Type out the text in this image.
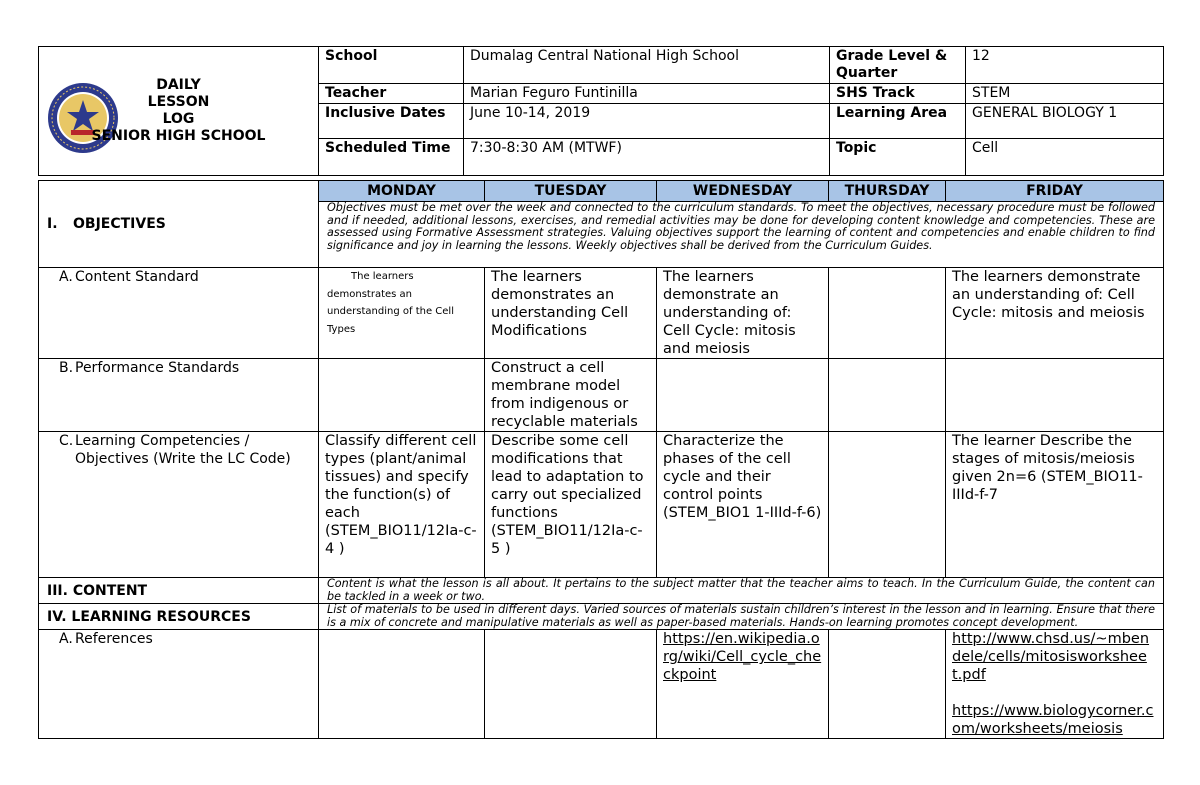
DAILY
LESSON
LOG
SENIOR HIGH SCHOOL	School	Dumalag Central National High School	Grade Level & Quarter	12
	Teacher	Marian Feguro Funtinilla	SHS Track	STEM
	Inclusive Dates	June 10-14, 2019	Learning Area	GENERAL BIOLOGY 1
	Scheduled Time	7:30-8:30 AM (MTWF)	Topic	Cell
I. OBJECTIVES	MONDAY	TUESDAY	WEDNESDAY	THURSDAY	FRIDAY
	Objectives must be met over the week and connected to the curriculum standards. To meet the objectives, necessary procedure must be followed and if needed, additional lessons, exercises, and remedial activities may be done for developing content knowledge and competencies. These are assessed using Formative Assessment strategies. Valuing objectives support the learning of content and competencies and enable children to find significance and joy in learning the lessons. Weekly objectives shall be derived from the Curriculum Guides.				

A. Content Standard	The learners demonstrates an understanding of the Cell Types	The learners demonstrates an understanding Cell Modifications	The learners demonstrate an understanding of: Cell Cycle: mitosis and meiosis		The learners demonstrate an understanding of: Cell Cycle: mitosis and meiosis

B. Performance Standards		Construct a cell membrane model from indigenous or recyclable materials			

C. Learning Competencies / Objectives (Write the LC Code)	Classify different cell types (plant/animal tissues) and specify the function(s) of each (STEM_BIO11/12Ia-c-4 )	Describe some cell modifications that lead to adaptation to carry out specialized functions (STEM_BIO11/12Ia-c-5 )	Characterize the phases of the cell cycle and their control points (STEM_BIO1 1-IIId-f-6)		The learner Describe the stages of mitosis/meiosis given 2n=6 (STEM_BIO11-IIId-f-7
III. CONTENT	Content is what the lesson is all about. It pertains to the subject matter that the teacher aims to teach. In the Curriculum Guide, the content can be tackled in a week or two.				
IV. LEARNING RESOURCES	List of materials to be used in different days. Varied sources of materials sustain children’s interest in the lesson and in learning. Ensure that there is a mix of concrete and manipulative materials as well as paper-based materials. Hands-on learning promotes concept development.				

A. References			https://en.wikipedia.org/wiki/Cell_cycle_checkpoint		http://www.chsd.us/~mbendele/cells/mitosisworksheet.pdf
https://www.biologycorner.com/worksheets/meiosis
